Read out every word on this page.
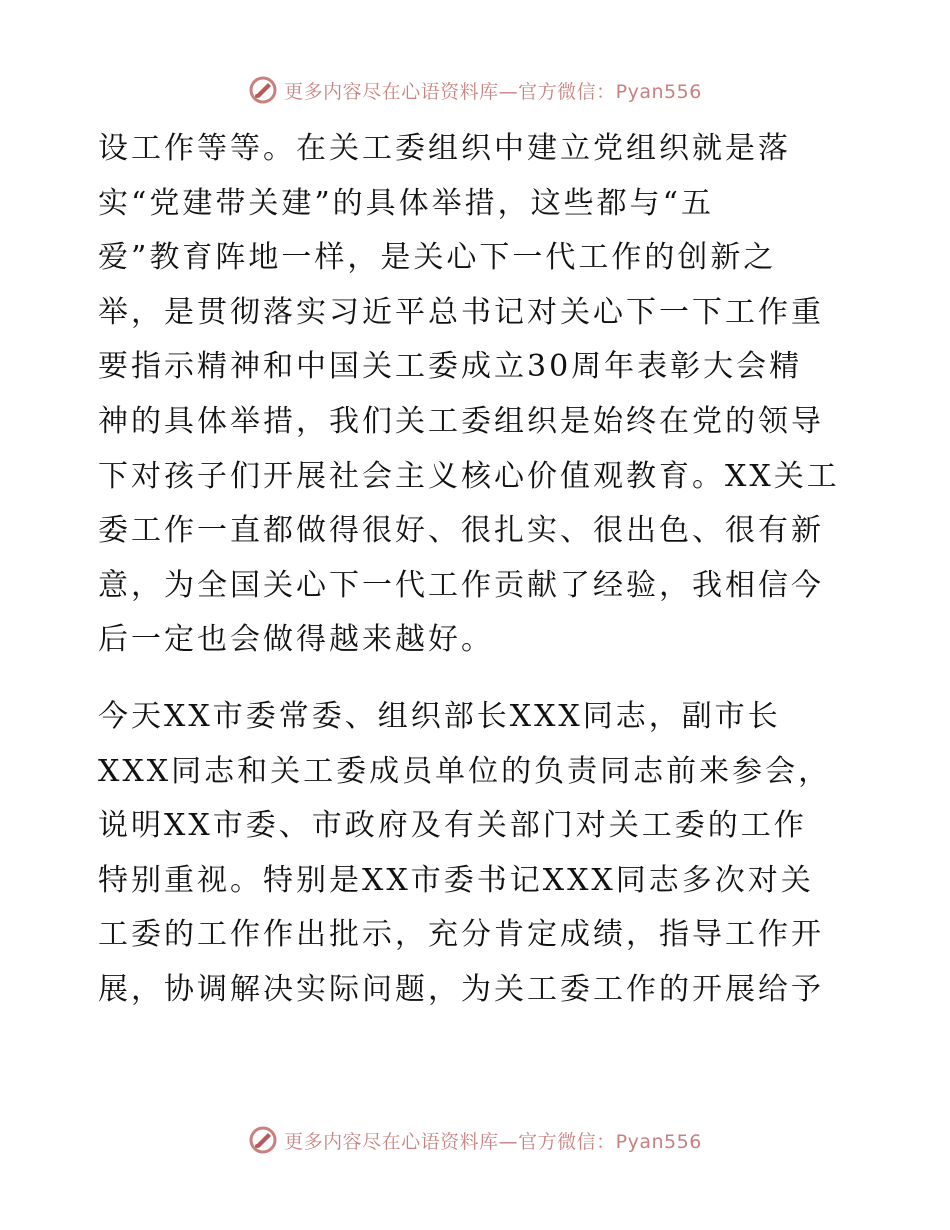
更多内容尽在心语资料库—官方微信：Pyan556

设工作等等。在关工委组织中建立党组织就是落

实“党建带关建”的具体举措，这些都与“五

爱”教育阵地一样，是关心下一代工作的创新之

举，是贯彻落实习近平总书记对关心下一下工作重

要指示精神和中国关工委成立30周年表彰大会精

神的具体举措，我们关工委组织是始终在党的领导

下对孩子们开展社会主义核心价值观教育。XX关工

委工作一直都做得很好、很扎实、很出色、很有新

意，为全国关心下一代工作贡献了经验，我相信今

后一定也会做得越来越好。

今天XX市委常委、组织部长XXX同志，副市长

XXX同志和关工委成员单位的负责同志前来参会，

说明XX市委、市政府及有关部门对关工委的工作

特别重视。特别是XX市委书记XXX同志多次对关

工委的工作作出批示，充分肯定成绩，指导工作开

展，协调解决实际问题，为关工委工作的开展给予

更多内容尽在心语资料库—官方微信：Pyan556
